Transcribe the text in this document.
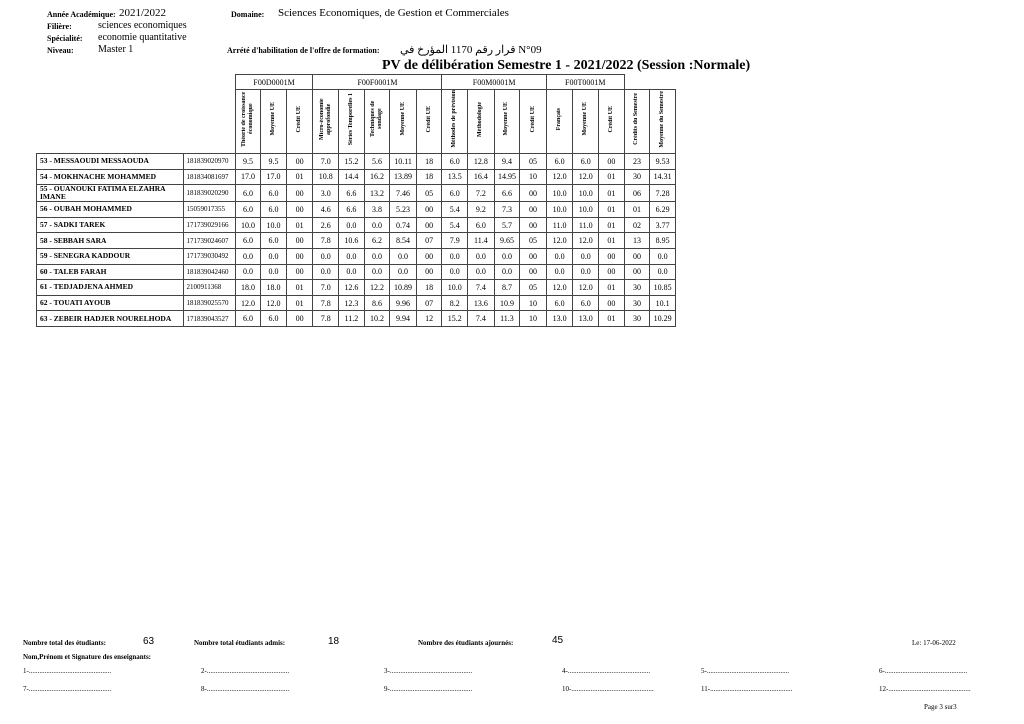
Année Académique: 2021/2022
Filière:	sciences economiques
Spécialité: economie quantitative
Niveau: Master 1
Domaine: Sciences Economiques, de Gestion et Commerciales
Arrété d'habilitation de l'offre de formation: قرار رقم 1170 المؤرخ في N°09
PV de délibération Semestre 1 - 2021/2022 (Session :Normale)
		F00D0001M			F00F0001M					F00M0001M				F00T0001M				
		Théorie de croissance économique	Moyenne UE	Crédit UE	Micro-économie approfondie	Séries Temporelles 1	Techniques de sondage	Moyenne UE	Crédit UE	Méthodes de prévision	Méthodologie	Moyenne UE	Crédit UE	Français	Moyenne UE	Crédit UE	Crédits du Semestre	Moyenne du Semestre
53 - MESSAOUDI MESSAOUDA	181839020970	9.5	9.5	00	7.0	15.2	5.6	10.11	18	6.0	12.8	9.4	05	6.0	6.0	00	23	9.53
54 - MOKHNACHE MOHAMMED	181834081697	17.0	17.0	01	10.8	14.4	16.2	13.89	18	13.5	16.4	14.95	10	12.0	12.0	01	30	14.31
55 - OUANOUKI FATIMA ELZAHRA IMANE	181839020290	6.0	6.0	00	3.0	6.6	13.2	7.46	05	6.0	7.2	6.6	00	10.0	10.0	01	06	7.28
56 - OUBAH MOHAMMED	15059017355	6.0	6.0	00	4.6	6.6	3.8	5.23	00	5.4	9.2	7.3	00	10.0	10.0	01	01	6.29
57 - SADKI TAREK	171739029166	10.0	10.0	01	2.6	0.0	0.0	0.74	00	5.4	6.0	5.7	00	11.0	11.0	01	02	3.77
58 - SEBBAH SARA	171739024607	6.0	6.0	00	7.8	10.6	6.2	8.54	07	7.9	11.4	9.65	05	12.0	12.0	01	13	8.95
59 - SENEGRA KADDOUR	171739030492	0.0	0.0	00	0.0	0.0	0.0	0.0	00	0.0	0.0	0.0	00	0.0	0.0	00	00	0.0
60 - TALEB FARAH	181839042460	0.0	0.0	00	0.0	0.0	0.0	0.0	00	0.0	0.0	0.0	00	0.0	0.0	00	00	0.0
61 - TEDJADJENA AHMED	2100911368	18.0	18.0	01	7.0	12.6	12.2	10.89	18	10.0	7.4	8.7	05	12.0	12.0	01	30	10.85
62 - TOUATI AYOUB	181839025570	12.0	12.0	01	7.8	12.3	8.6	9.96	07	8.2	13.6	10.9	10	6.0	6.0	00	30	10.1
63 - ZEBEIR HADJER NOURELHODA	171839043527	6.0	6.0	00	7.8	11.2	10.2	9.94	12	15.2	7.4	11.3	10	13.0	13.0	01	30	10.29
Nombre total des étudiants:	63	Nombre total étudiants admis:	18	Nombre des étudiants ajournés:	45	Le: 17-06-2022
Nom,Prénom et Signature des enseignants:
1-...............................................	2-...............................................	3-...............................................	4-...............................................	5-...............................................	6-...............................................
7-...............................................	8-...............................................	9-...............................................	10-...............................................	11-...............................................	12-...............................................
Page 3 sur3
